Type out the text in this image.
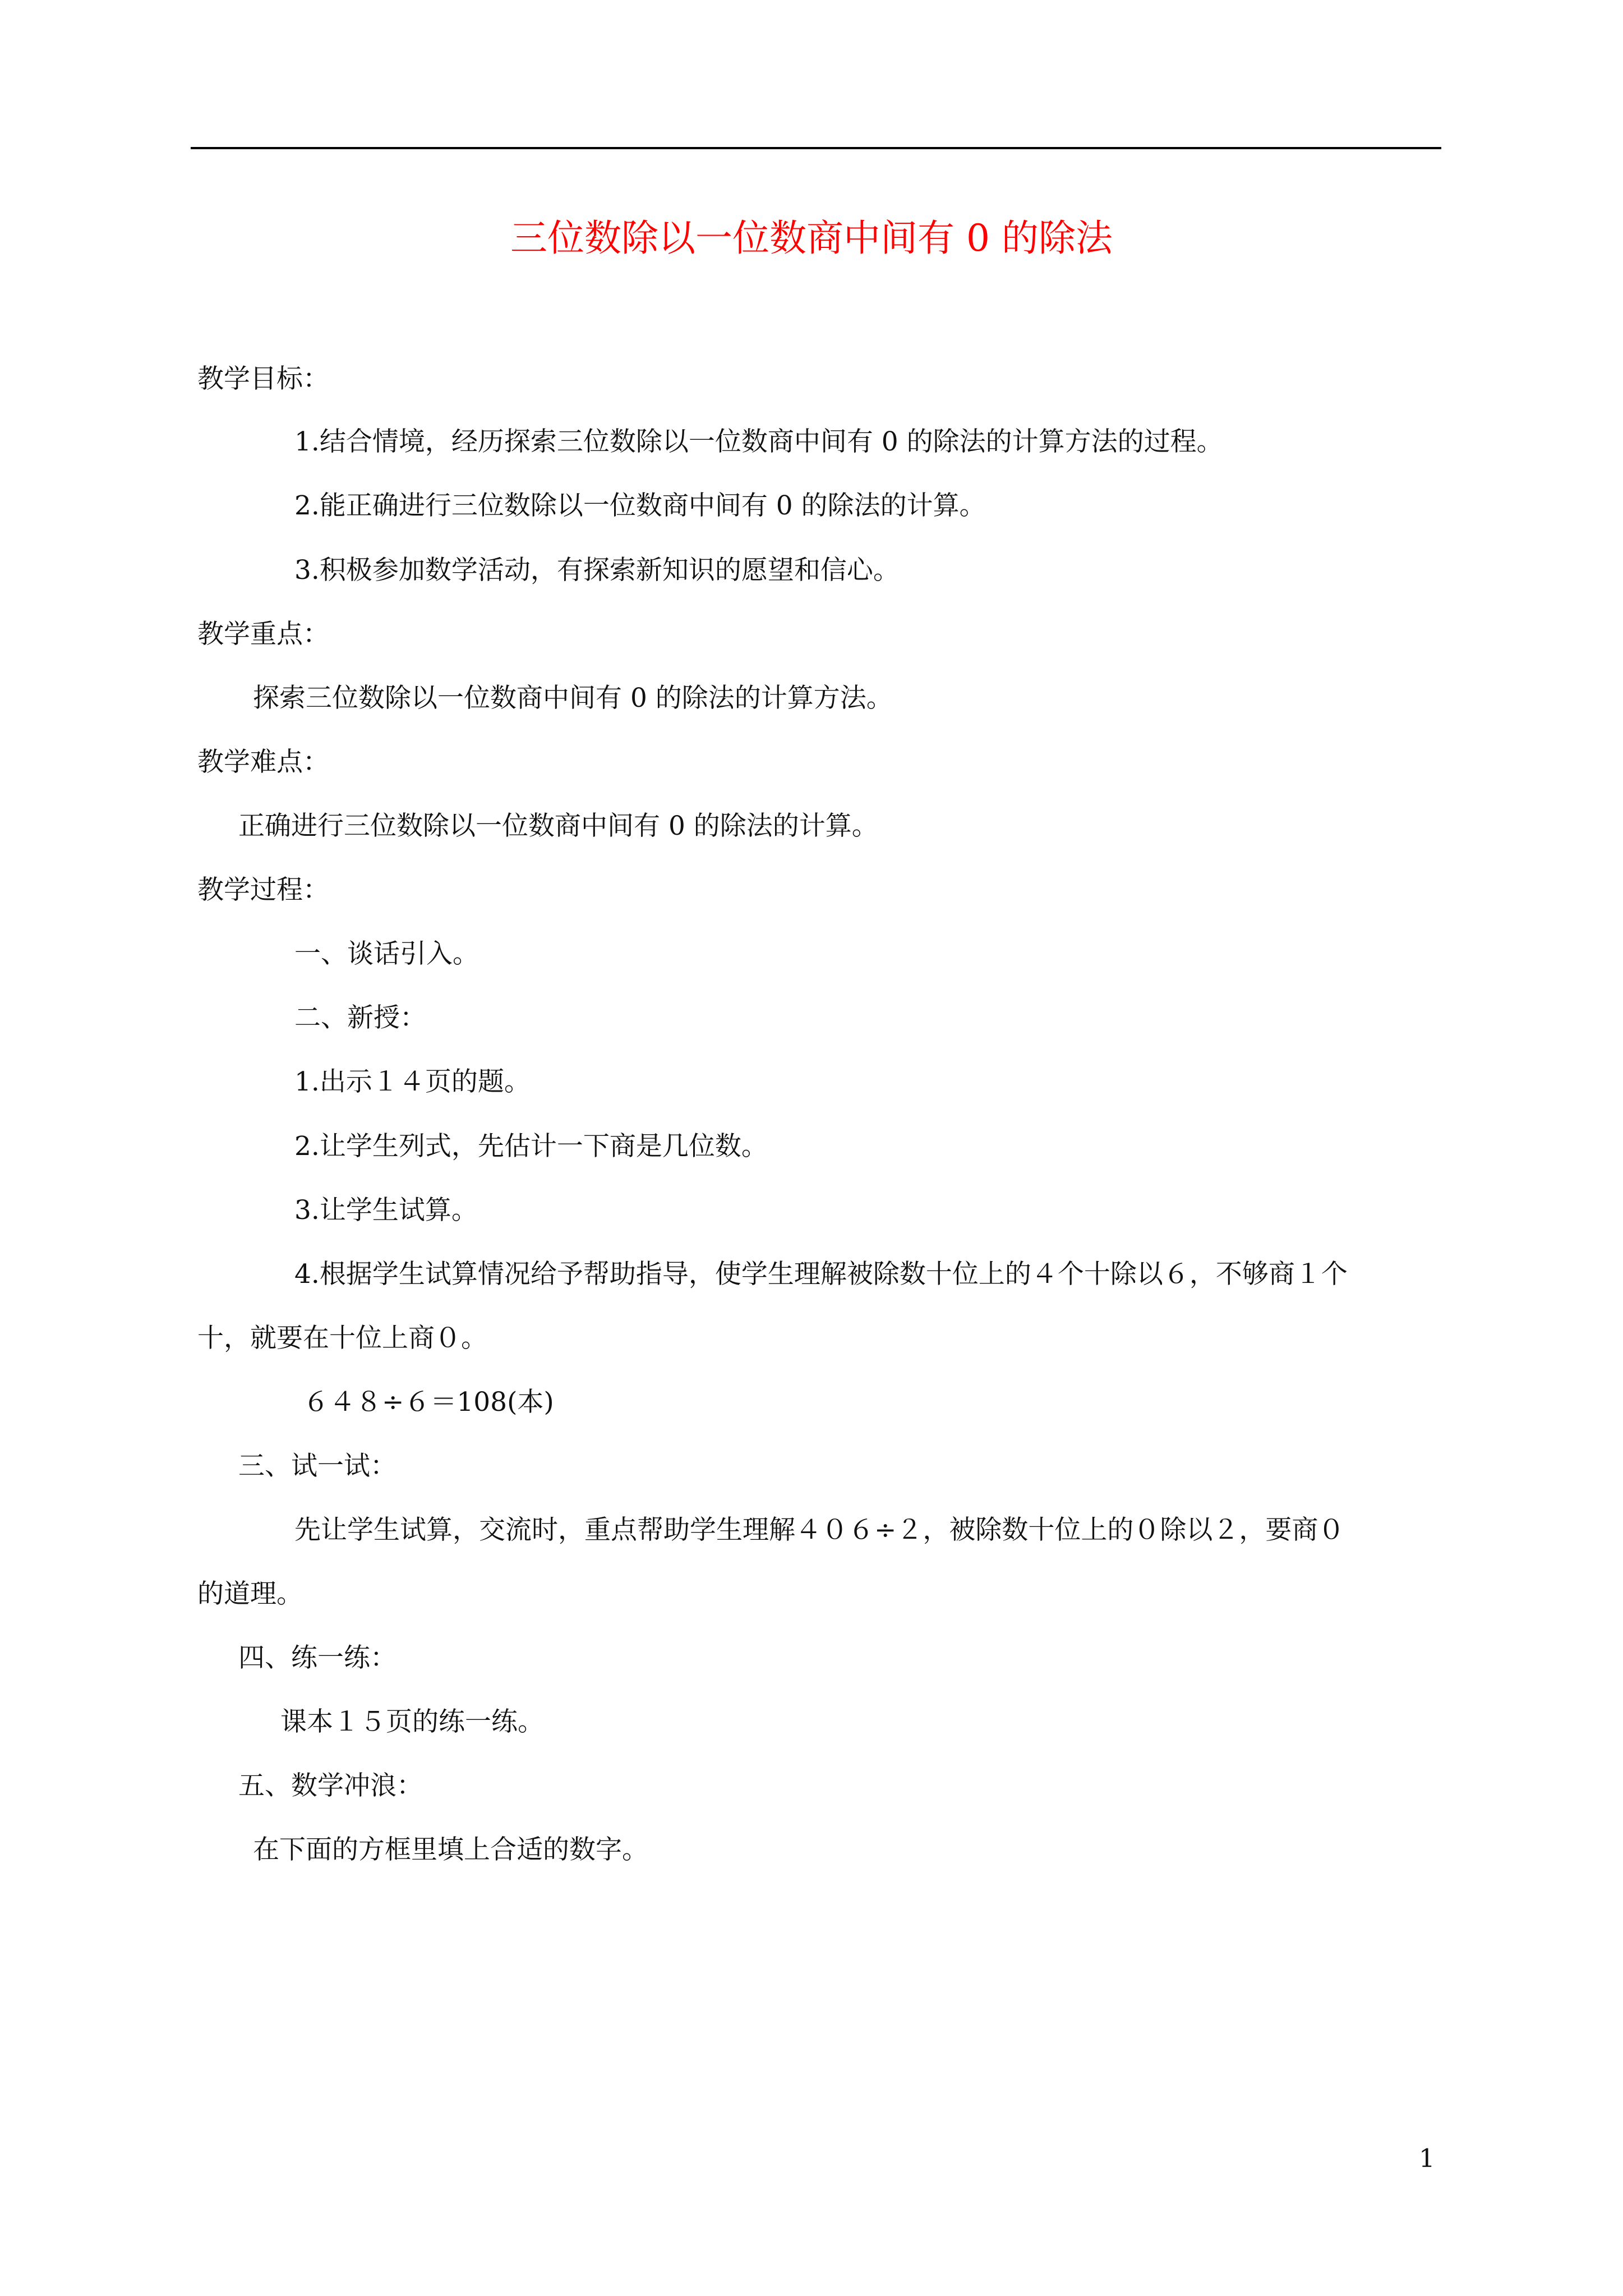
三位数除以一位数商中间有 0 的除法
教学目标：
1.结合情境，经历探索三位数除以一位数商中间有 0 的除法的计算方法的过程。
2.能正确进行三位数除以一位数商中间有 0 的除法的计算。
3.积极参加数学活动，有探索新知识的愿望和信心。
教学重点：
探索三位数除以一位数商中间有 0 的除法的计算方法。
教学难点：
正确进行三位数除以一位数商中间有 0 的除法的计算。
教学过程：
一、谈话引入。
二、新授：
1.出示１４页的题。
2.让学生列式，先估计一下商是几位数。
3.让学生试算。
4.根据学生试算情况给予帮助指导，使学生理解被除数十位上的４个十除以６，不够商１个
十，就要在十位上商０。
６４８÷６＝108(本)
三、试一试：
先让学生试算，交流时，重点帮助学生理解４０６÷２，被除数十位上的０除以２，要商０
的道理。
四、练一练：
课本１５页的练一练。
五、数学冲浪：
在下面的方框里填上合适的数字。
1
